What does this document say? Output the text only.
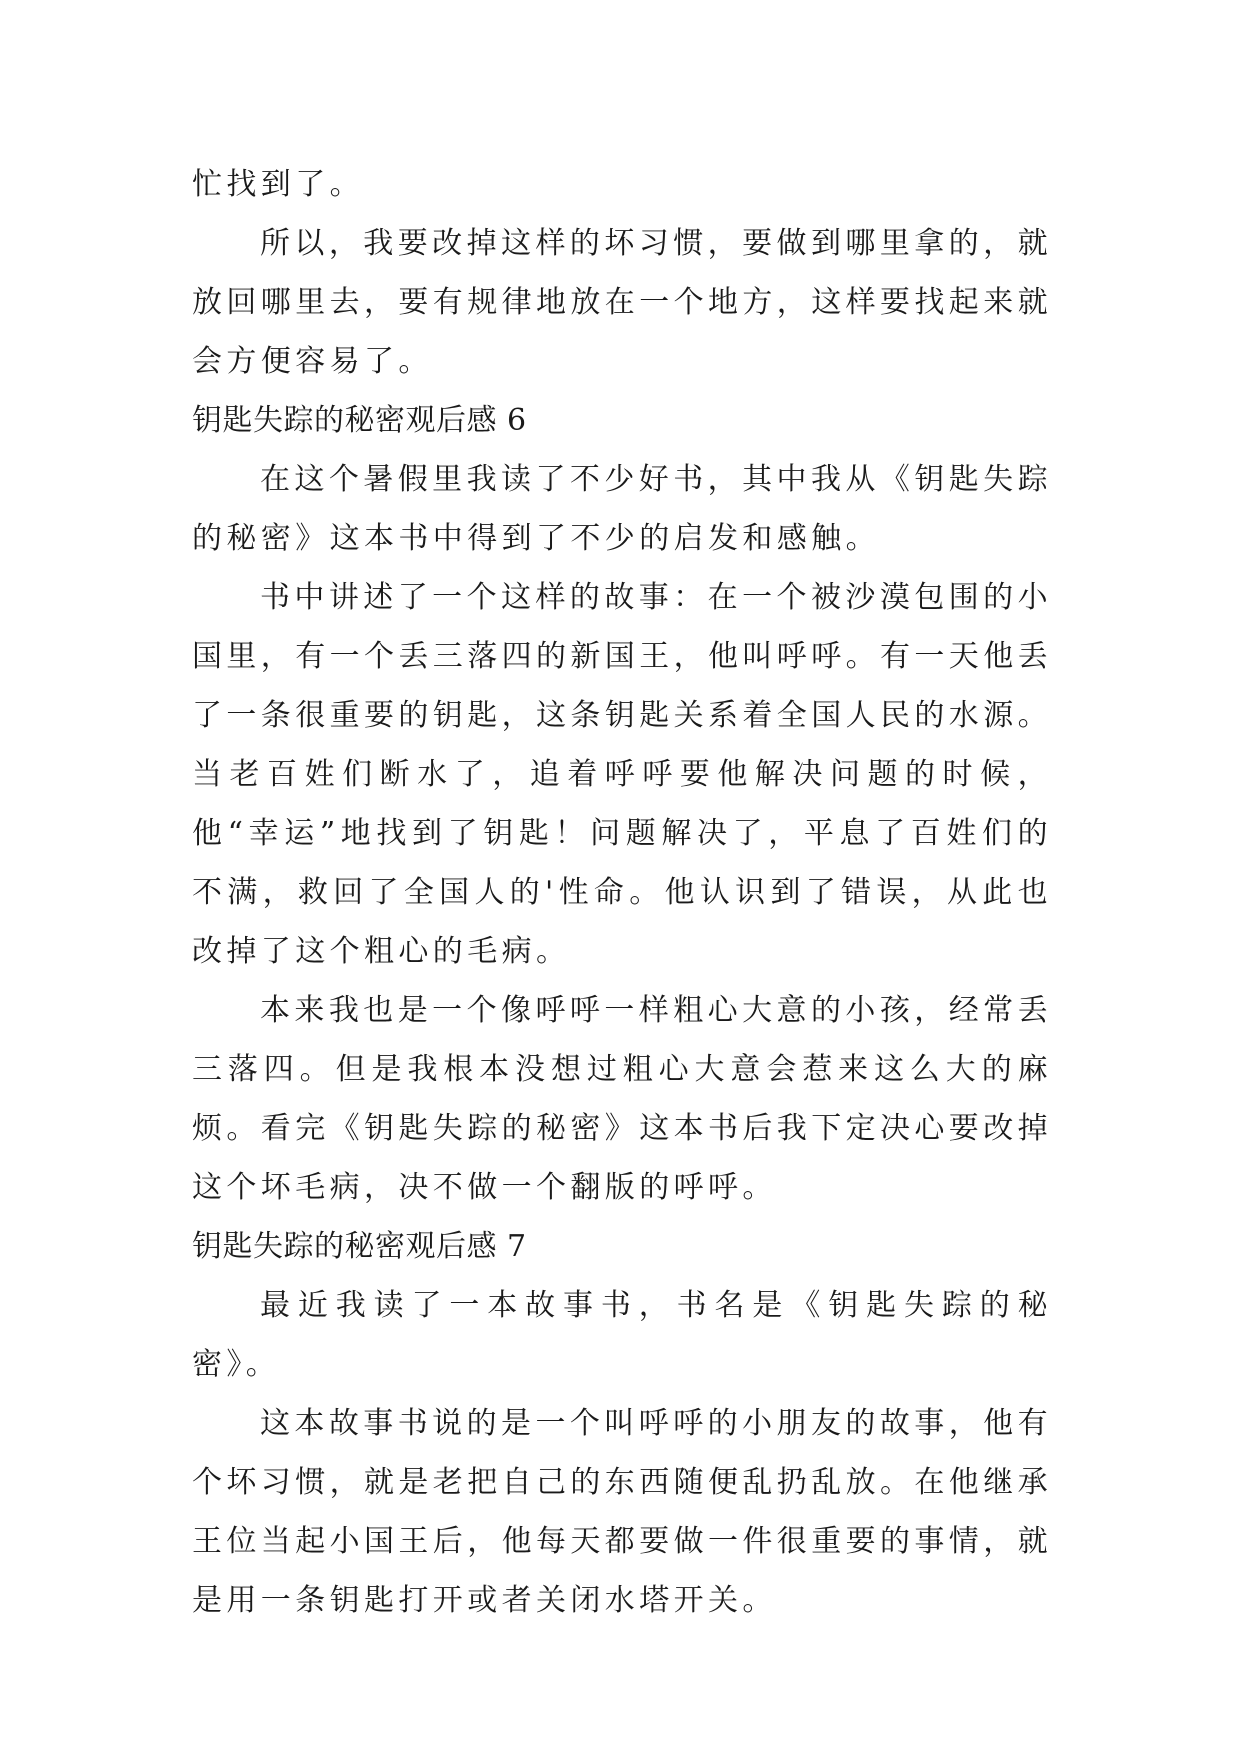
忙找到了。

所以，我要改掉这样的坏习惯，要做到哪里拿的，就放回哪里去，要有规律地放在一个地方，这样要找起来就会方便容易了。

钥匙失踪的秘密观后感 6

在这个暑假里我读了不少好书，其中我从《钥匙失踪的秘密》这本书中得到了不少的启发和感触。

书中讲述了一个这样的故事：在一个被沙漠包围的小国里，有一个丢三落四的新国王，他叫呼呼。有一天他丢了一条很重要的钥匙，这条钥匙关系着全国人民的水源。当老百姓们断水了，追着呼呼要他解决问题的时候，他“幸运”地找到了钥匙！问题解决了，平息了百姓们的不满，救回了全国人的'性命。他认识到了错误，从此也改掉了这个粗心的毛病。

本来我也是一个像呼呼一样粗心大意的小孩，经常丢三落四。但是我根本没想过粗心大意会惹来这么大的麻烦。看完《钥匙失踪的秘密》这本书后我下定决心要改掉这个坏毛病，决不做一个翻版的呼呼。

钥匙失踪的秘密观后感 7

最近我读了一本故事书，书名是《钥匙失踪的秘密》。

这本故事书说的是一个叫呼呼的小朋友的故事，他有个坏习惯，就是老把自己的东西随便乱扔乱放。在他继承王位当起小国王后，他每天都要做一件很重要的事情，就是用一条钥匙打开或者关闭水塔开关。
